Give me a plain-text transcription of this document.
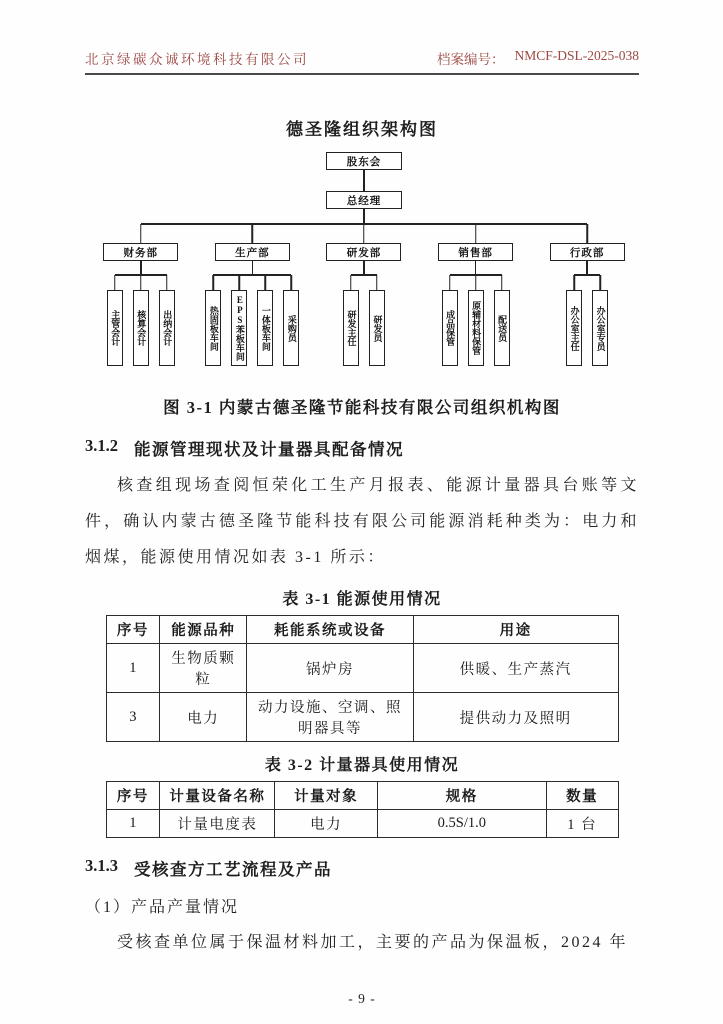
北京绿碳众诚环境科技有限公司	档案编号： NMCF-DSL-2025-038
德圣隆组织架构图
股东会
总经理
财务部
主管会计	核算会计	出纳会计
生产部
热固板车间	EPS苯板车间	一体板车间	采购员
研发部
研发主任	研发员
销售部
成品保管	原辅材料保管	配送员
行政部
办公室主任	办公室专员
图 3-1 内蒙古德圣隆节能科技有限公司组织机构图
3.1.2 能源管理现状及计量器具配备情况

核查组现场查阅恒荣化工生产月报表、能源计量器具台账等文件，确认内蒙古德圣隆节能科技有限公司能源消耗种类为：电力和烟煤，能源使用情况如表 3-1 所示：

表 3-1 能源使用情况
序号	能源品种	耗能系统或设备	用途
1	生物质颗粒	锅炉房	供暖、生产蒸汽
3	电力	动力设施、空调、照明器具等	提供动力及照明
表 3-2 计量器具使用情况
序号	计量设备名称	计量对象	规格	数量
1	计量电度表	电力	0.5S/1.0	1 台
3.1.3 受核查方工艺流程及产品
（1）产品产量情况

受核查单位属于保温材料加工，主要的产品为保温板，2024 年

- 9 -
